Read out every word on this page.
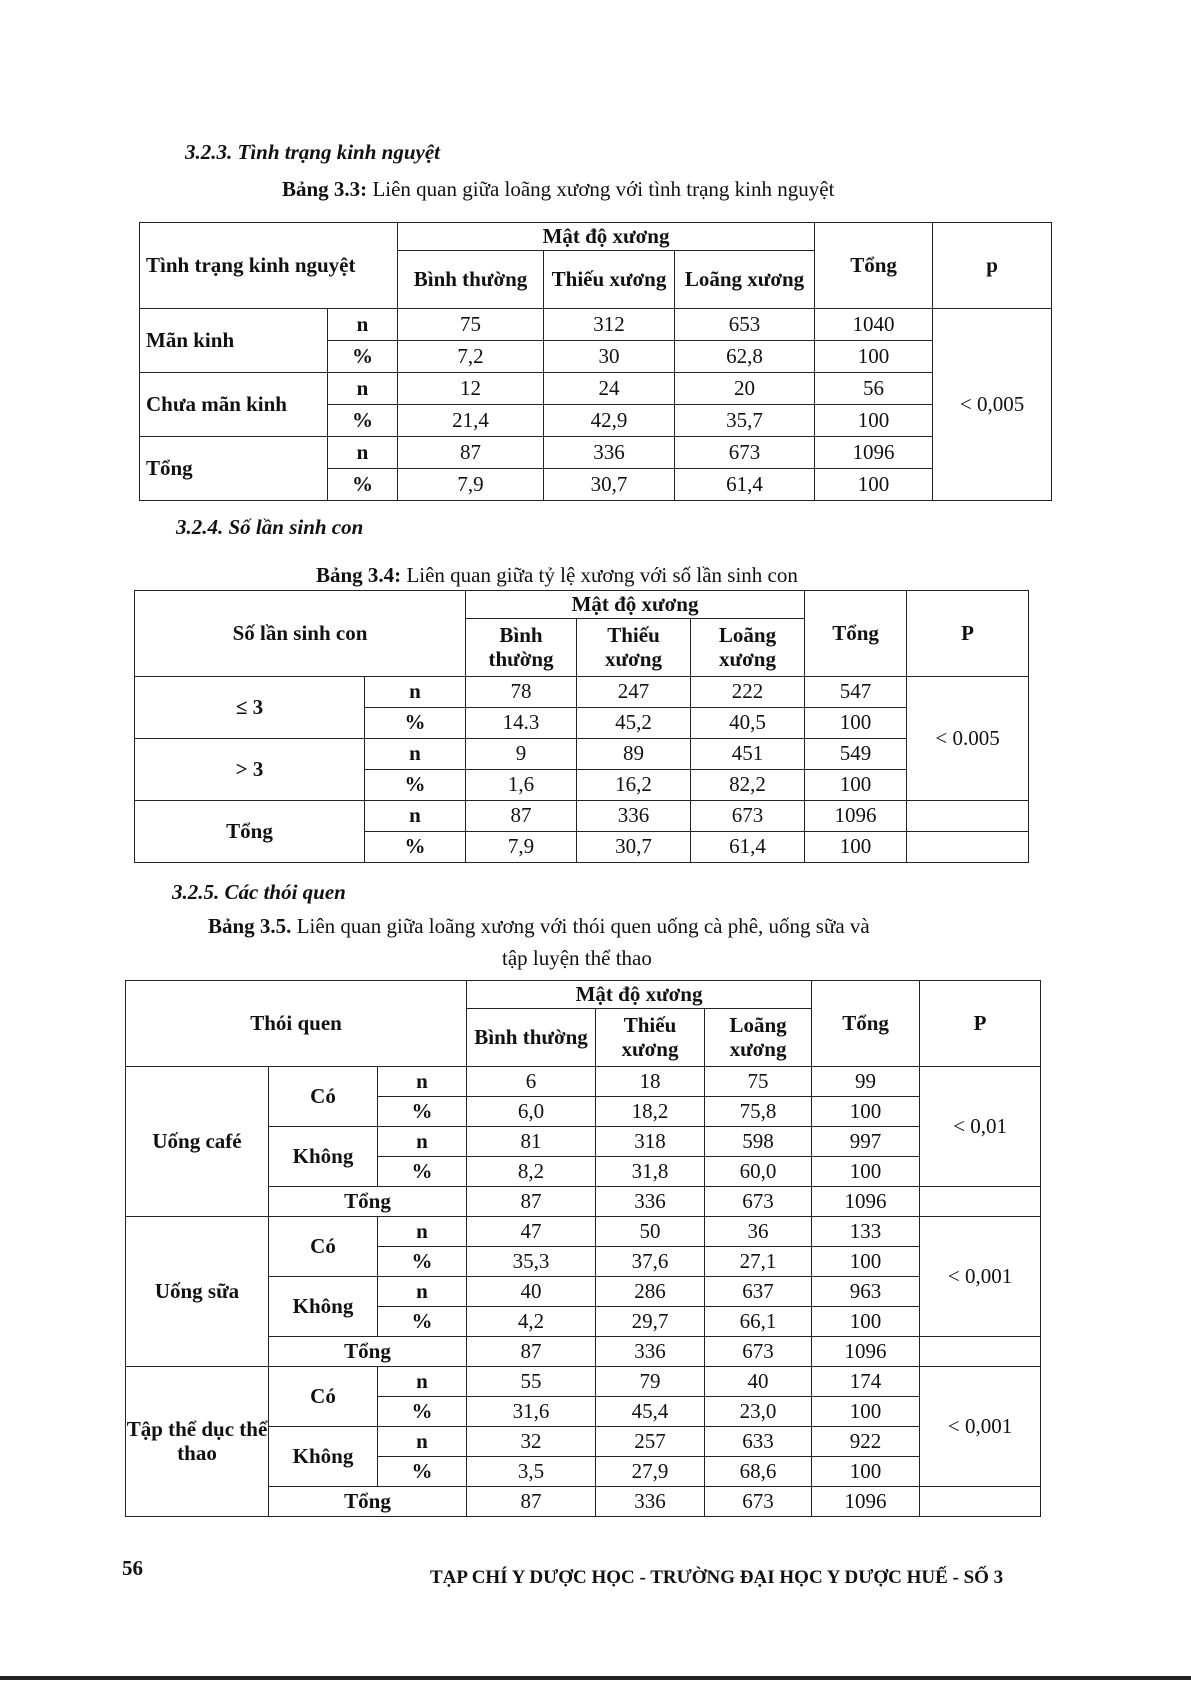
3.2.3. Tình trạng kinh nguyệt
Bảng 3.3: Liên quan giữa loãng xương với tình trạng kinh nguyệt
Tình trạng kinh nguyệt		Mật độ xương			Tổng	p
		Bình thường	Thiếu xương	Loãng xương		
Mãn kinh	n	75	312	653	1040	< 0,005
	%	7,2	30	62,8	100	
Chưa mãn kinh	n	12	24	20	56	
	%	21,4	42,9	35,7	100	
Tổng	n	87	336	673	1096	
	%	7,9	30,7	61,4	100	
3.2.4. Số lần sinh con
Bảng 3.4: Liên quan giữa tỷ lệ xương với số lần sinh con
Số lần sinh con		Mật độ xương			Tổng	P
		Bình thường	Thiếu xương	Loãng xương		
≤ 3	n	78	247	222	547	< 0.005
	%	14.3	45,2	40,5	100	
> 3	n	9	89	451	549	
	%	1,6	16,2	82,2	100	
Tổng	n	87	336	673	1096	
	%	7,9	30,7	61,4	100	
3.2.5. Các thói quen
Bảng 3.5. Liên quan giữa loãng xương với thói quen uống cà phê, uống sữa và
tập luyện thể thao
Thói quen			Mật độ xương			Tổng	P
			Bình thường	Thiếu xương	Loãng xương		
Uống café	Có	n	6	18	75	99	< 0,01
		%	6,0	18,2	75,8	100	
	Không	n	81	318	598	997	
		%	8,2	31,8	60,0	100	
	Tổng		87	336	673	1096	
Uống sữa	Có	n	47	50	36	133	< 0,001
		%	35,3	37,6	27,1	100	
	Không	n	40	286	637	963	
		%	4,2	29,7	66,1	100	
	Tổng		87	336	673	1096	
Tập thể dục thể thao	Có	n	55	79	40	174	< 0,001
		%	31,6	45,4	23,0	100	
	Không	n	32	257	633	922	
		%	3,5	27,9	68,6	100	
	Tổng		87	336	673	1096	
56	TẠP CHÍ Y DƯỢC HỌC - TRƯỜNG ĐẠI HỌC Y DƯỢC HUẾ - SỐ 3
